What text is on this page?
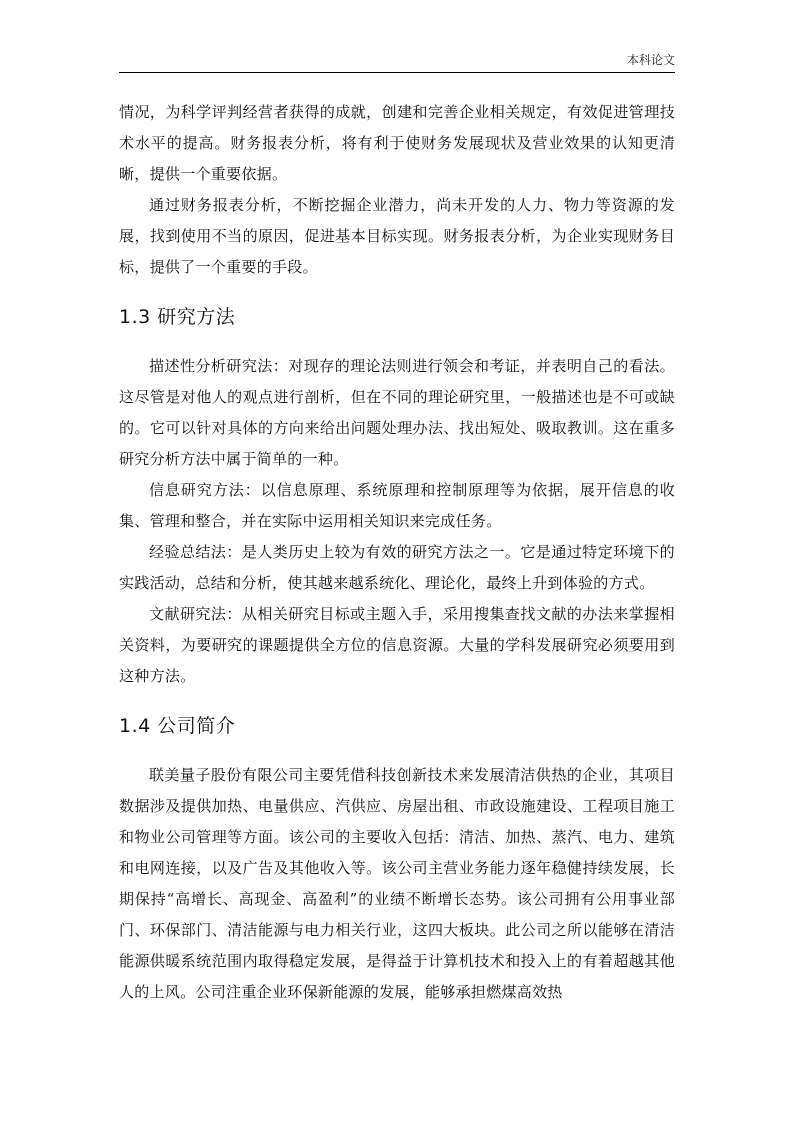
本科论文

情况，为科学评判经营者获得的成就，创建和完善企业相关规定，有效促进管理技术水平的提高。财务报表分析，将有利于使财务发展现状及营业效果的认知更清晰，提供一个重要依据。

通过财务报表分析，不断挖掘企业潜力，尚未开发的人力、物力等资源的发展，找到使用不当的原因，促进基本目标实现。财务报表分析，为企业实现财务目标，提供了一个重要的手段。

1.3 研究方法

描述性分析研究法：对现存的理论法则进行领会和考证，并表明自己的看法。这尽管是对他人的观点进行剖析，但在不同的理论研究里，一般描述也是不可或缺的。它可以针对具体的方向来给出问题处理办法、找出短处、吸取教训。这在重多研究分析方法中属于简单的一种。

信息研究方法：以信息原理、系统原理和控制原理等为依据，展开信息的收集、管理和整合，并在实际中运用相关知识来完成任务。

经验总结法：是人类历史上较为有效的研究方法之一。它是通过特定环境下的实践活动，总结和分析，使其越来越系统化、理论化，最终上升到体验的方式。

文献研究法：从相关研究目标或主题入手，采用搜集查找文献的办法来掌握相关资料，为要研究的课题提供全方位的信息资源。大量的学科发展研究必须要用到这种方法。

1.4 公司简介

联美量子股份有限公司主要凭借科技创新技术来发展清洁供热的企业，其项目数据涉及提供加热、电量供应、汽供应、房屋出租、市政设施建设、工程项目施工和物业公司管理等方面。该公司的主要收入包括：清洁、加热、蒸汽、电力、建筑和电网连接，以及广告及其他收入等。该公司主营业务能力逐年稳健持续发展，长期保持“高增长、高现金、高盈利”的业绩不断增长态势。该公司拥有公用事业部门、环保部门、清洁能源与电力相关行业，这四大板块。此公司之所以能够在清洁能源供暖系统范围内取得稳定发展，是得益于计算机技术和投入上的有着超越其他人的上风。公司注重企业环保新能源的发展，能够承担燃煤高效热
